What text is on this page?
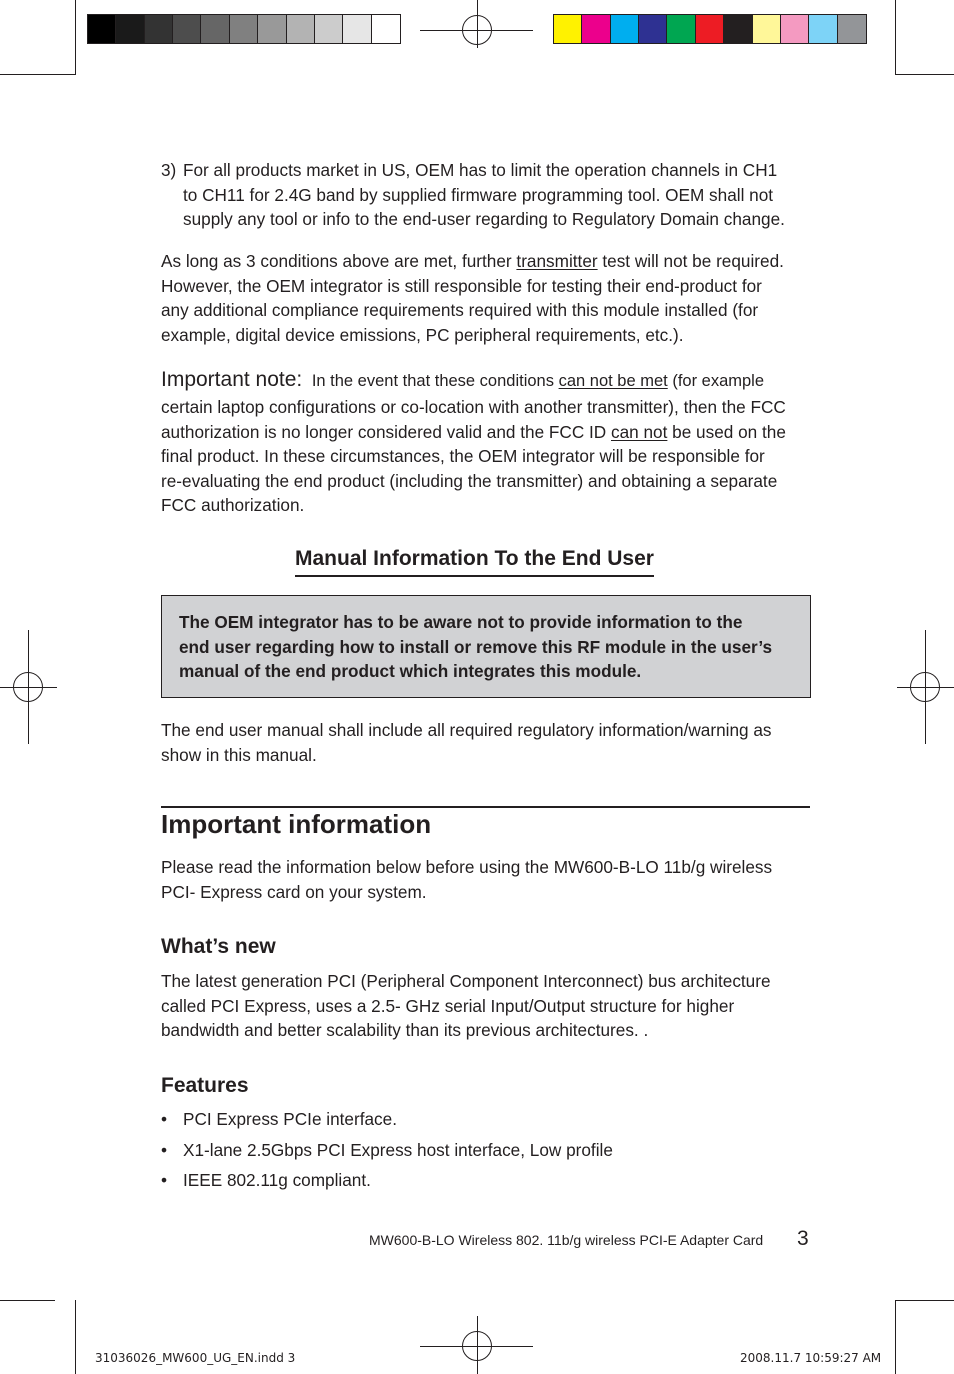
3) For all products market in US, OEM has to limit the operation channels in CH1
to CH11 for 2.4G band by supplied firmware programming tool. OEM shall not
supply any tool or info to the end-user regarding to Regulatory Domain change.
As long as 3 conditions above are met, further transmitter test will not be required.
However, the OEM integrator is still responsible for testing their end-product for
any additional compliance requirements required with this module installed (for
example, digital device emissions, PC peripheral requirements, etc.).
Important note: In the event that these conditions can not be met (for example
certain laptop configurations or co-location with another transmitter), then the FCC
authorization is no longer considered valid and the FCC ID can not be used on the
final product. In these circumstances, the OEM integrator will be responsible for
re-evaluating the end product (including the transmitter) and obtaining a separate
FCC authorization.
Manual Information To the End User
The OEM integrator has to be aware not to provide information to the
end user regarding how to install or remove this RF module in the user’s
manual of the end product which integrates this module.
The end user manual shall include all required regulatory information/warning as
show in this manual.
Important information
Please read the information below before using the MW600-B-LO 11b/g wireless
PCI- Express card on your system.
What’s new
The latest generation PCI (Peripheral Component Interconnect) bus architecture
called PCI Express, uses a 2.5- GHz serial Input/Output structure for higher
bandwidth and better scalability than its previous architectures. .
Features
• PCI Express PCIe interface.
• X1-lane 2.5Gbps PCI Express host interface, Low profile
• IEEE 802.11g compliant.
MW600-B-LO Wireless 802. 11b/g wireless PCI-E Adapter Card 3
31036026_MW600_UG_EN.indd 3	2008.11.7 10:59:27 AM
